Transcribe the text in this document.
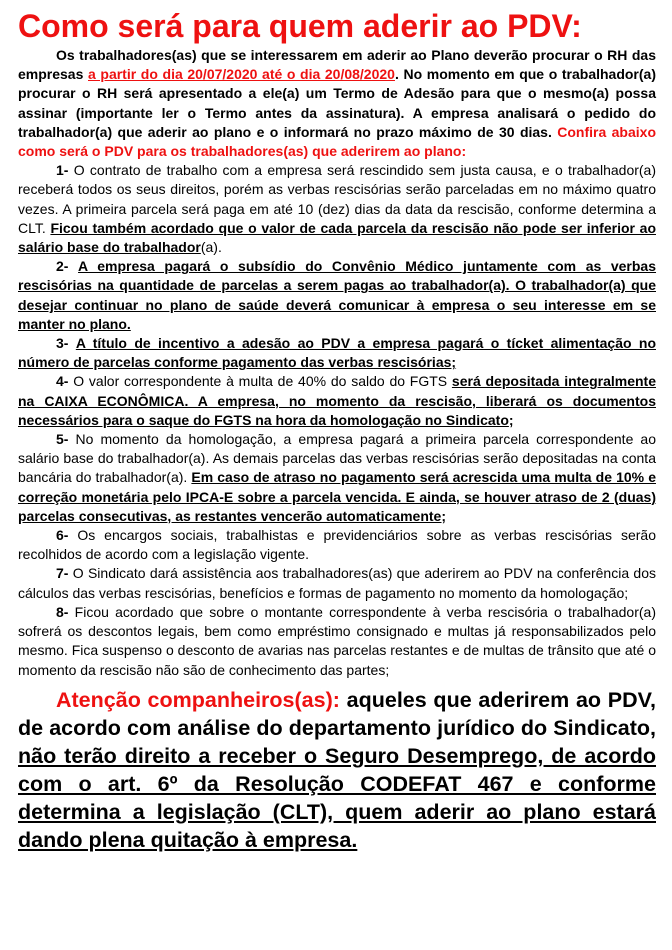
Como será para quem aderir ao PDV:

Os trabalhadores(as) que se interessarem em aderir ao Plano deverão procurar o RH das empresas a partir do dia 20/07/2020 até o dia 20/08/2020. No momento em que o trabalhador(a) procurar o RH será apresentado a ele(a) um Termo de Adesão para que o mesmo(a) possa assinar (importante ler o Termo antes da assinatura). A empresa analisará o pedido do trabalhador(a) que aderir ao plano e o informará no prazo máximo de 30 dias. Confira abaixo como será o PDV para os trabalhadores(as) que aderirem ao plano:

1- O contrato de trabalho com a empresa será rescindido sem justa causa, e o trabalhador(a) receberá todos os seus direitos, porém as verbas rescisórias serão parceladas em no máximo quatro vezes. A primeira parcela será paga em até 10 (dez) dias da data da rescisão, conforme determina a CLT. Ficou também acordado que o valor de cada parcela da rescisão não pode ser inferior ao salário base do trabalhador(a).

2- A empresa pagará o subsídio do Convênio Médico juntamente com as verbas rescisórias na quantidade de parcelas a serem pagas ao trabalhador(a). O trabalhador(a) que desejar continuar no plano de saúde deverá comunicar à empresa o seu interesse em se manter no plano.

3- A título de incentivo a adesão ao PDV a empresa pagará o tícket alimentação no número de parcelas conforme pagamento das verbas rescisórias;

4- O valor correspondente à multa de 40% do saldo do FGTS será depositada integralmente na CAIXA ECONÔMICA. A empresa, no momento da rescisão, liberará os documentos necessários para o saque do FGTS na hora da homologação no Sindicato;

5- No momento da homologação, a empresa pagará a primeira parcela correspondente ao salário base do trabalhador(a). As demais parcelas das verbas rescisórias serão depositadas na conta bancária do trabalhador(a). Em caso de atraso no pagamento será acrescida uma multa de 10% e correção monetária pelo IPCA-E sobre a parcela vencida. E ainda, se houver atraso de 2 (duas) parcelas consecutivas, as restantes vencerão automaticamente;

6- Os encargos sociais, trabalhistas e previdenciários sobre as verbas rescisórias serão recolhidos de acordo com a legislação vigente.

7- O Sindicato dará assistência aos trabalhadores(as) que aderirem ao PDV na conferência dos cálculos das verbas rescisórias, benefícios e formas de pagamento no momento da homologação;

8- Ficou acordado que sobre o montante correspondente à verba rescisória o trabalhador(a) sofrerá os descontos legais, bem como empréstimo consignado e multas já responsabilizados pelo mesmo. Fica suspenso o desconto de avarias nas parcelas restantes e de multas de trânsito que até o momento da rescisão não são de conhecimento das partes;

Atenção companheiros(as): aqueles que aderirem ao PDV, de acordo com análise do departamento jurídico do Sindicato, não terão direito a receber o Seguro Desemprego, de acordo com o art. 6º da Resolução CODEFAT 467 e conforme determina a legislação (CLT), quem aderir ao plano estará dando plena quitação à empresa.
